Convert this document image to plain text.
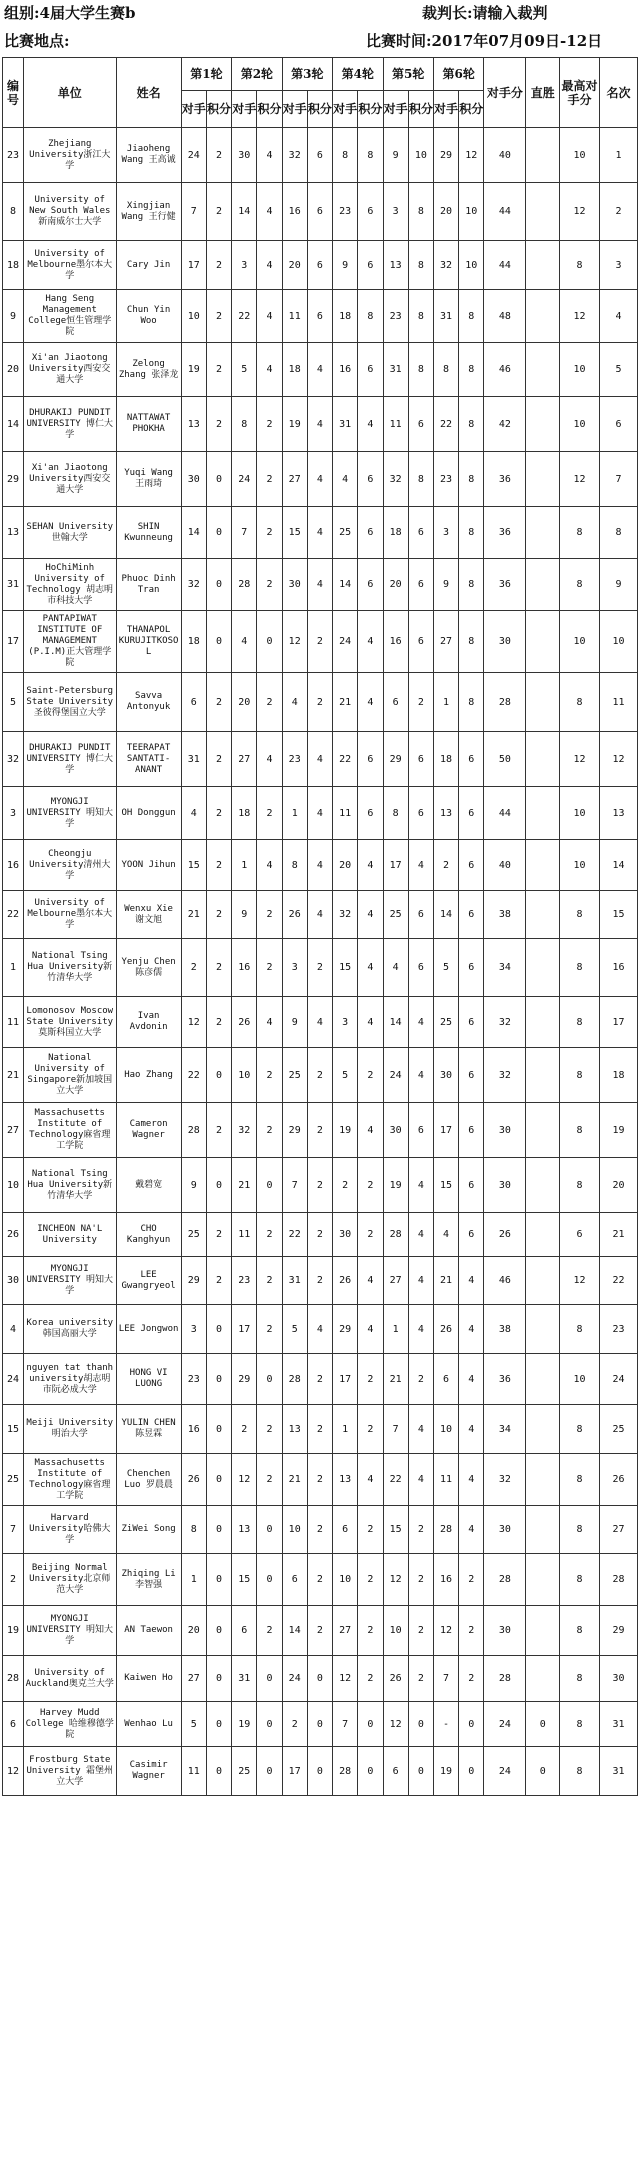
组别:4届大学生赛b	裁判长:请输入裁判
比赛地点:	比赛时间:2017年07月09日-12日
编号	单位	姓名	第1轮		第2轮		第3轮		第4轮		第5轮		第6轮		对手分	直胜	最高对手分	名次
			对手	积分	对手	积分	对手	积分	对手	积分	对手	积分	对手	积分				
23	Zhejiang University浙江大学	Jiaoheng Wang 王高诚	24	2	30	4	32	6	8	8	9	10	29	12	40		10	1
8	University of New South Wales新南威尔士大学	Xingjian Wang 王行健	7	2	14	4	16	6	23	6	3	8	20	10	44		12	2
18	University of Melbourne墨尔本大学	Cary Jin	17	2	3	4	20	6	9	6	13	8	32	10	44		8	3
9	Hang Seng Management College恒生管理学院	Chun Yin Woo	10	2	22	4	11	6	18	8	23	8	31	8	48		12	4
20	Xi'an Jiaotong University西安交通大学	Zelong Zhang 张泽龙	19	2	5	4	18	4	16	6	31	8	8	8	46		10	5
14	DHURAKIJ PUNDIT UNIVERSITY 博仁大学	NATTAWAT PHOKHA	13	2	8	2	19	4	31	4	11	6	22	8	42		10	6
29	Xi'an Jiaotong University西安交通大学	Yuqi Wang 王雨琦	30	0	24	2	27	4	4	6	32	8	23	8	36		12	7
13	SEHAN University 世翰大学	SHIN Kwunneung	14	0	7	2	15	4	25	6	18	6	3	8	36		8	8
31	HoChiMinh University of Technology 胡志明市科技大学	Phuoc Dinh Tran	32	0	28	2	30	4	14	6	20	6	9	8	36		8	9
17	PANTAPIWAT INSTITUTE OF MANAGEMENT (P.I.M)正大管理学院	THANAPOL KURUJITKOSOL	18	0	4	0	12	2	24	4	16	6	27	8	30		10	10
5	Saint-Petersburg State University圣彼得堡国立大学	Savva Antonyuk	6	2	20	2	4	2	21	4	6	2	1	8	28		8	11
32	DHURAKIJ PUNDIT UNIVERSITY 博仁大学	TEERAPAT SANTATI-ANANT	31	2	27	4	23	4	22	6	29	6	18	6	50		12	12
3	MYONGJI UNIVERSITY 明知大学	OH Donggun	4	2	18	2	1	4	11	6	8	6	13	6	44		10	13
16	Cheongju University清州大学	YOON Jihun	15	2	1	4	8	4	20	4	17	4	2	6	40		10	14
22	University of Melbourne墨尔本大学	Wenxu Xie 谢文旭	21	2	9	2	26	4	32	4	25	6	14	6	38		8	15
1	National Tsing Hua University新竹清华大学	Yenju Chen 陈彦儒	2	2	16	2	3	2	15	4	4	6	5	6	34		8	16
11	Lomonosov Moscow State University莫斯科国立大学	Ivan Avdonin	12	2	26	4	9	4	3	4	14	4	25	6	32		8	17
21	National University of Singapore新加坡国立大学	Hao Zhang	22	0	10	2	25	2	5	2	24	4	30	6	32		8	18
27	Massachusetts Institute of Technology麻省理工学院	Cameron Wagner	28	2	32	2	29	2	19	4	30	6	17	6	30		8	19
10	National Tsing Hua University新竹清华大学	戴碧宽	9	0	21	0	7	2	2	2	19	4	15	6	30		8	20
26	INCHEON NA'L University	CHO Kanghyun	25	2	11	2	22	2	30	2	28	4	4	6	26		6	21
30	MYONGJI UNIVERSITY 明知大学	LEE Gwangryeol	29	2	23	2	31	2	26	4	27	4	21	4	46		12	22
4	Korea university 韩国高丽大学	LEE Jongwon	3	0	17	2	5	4	29	4	1	4	26	4	38		8	23
24	nguyen tat thanh university胡志明市阮必成大学	HONG VI LUONG	23	0	29	0	28	2	17	2	21	2	6	4	36		10	24
15	Meiji University明治大学	YULIN CHEN 陈昱霖	16	0	2	2	13	2	1	2	7	4	10	4	34		8	25
25	Massachusetts Institute of Technology麻省理工学院	Chenchen Luo 罗晨晨	26	0	12	2	21	2	13	4	22	4	11	4	32		8	26
7	Harvard University哈佛大学	ZiWei Song	8	0	13	0	10	2	6	2	15	2	28	4	30		8	27
2	Beijing Normal University北京师范大学	Zhiqing Li 李智强	1	0	15	0	6	2	10	2	12	2	16	2	28		8	28
19	MYONGJI UNIVERSITY 明知大学	AN Taewon	20	0	6	2	14	2	27	2	10	2	12	2	30		8	29
28	University of Auckland奥克兰大学	Kaiwen Ho	27	0	31	0	24	0	12	2	26	2	7	2	28		8	30
6	Harvey Mudd College 哈维穆德学院	Wenhao Lu	5	0	19	0	2	0	7	0	12	0	-	0	24	0	8	31
12	Frostburg State University 霜堡州立大学	Casimir Wagner	11	0	25	0	17	0	28	0	6	0	19	0	24	0	8	31
